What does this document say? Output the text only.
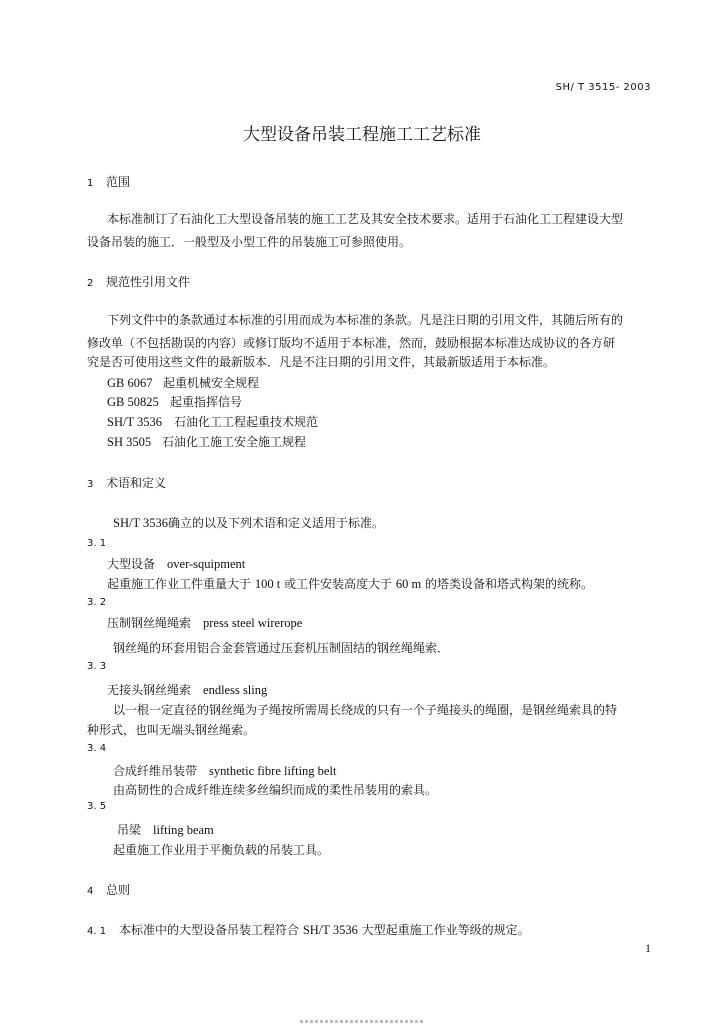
SH/ T 3515- 2003
大型设备吊装工程施工工艺标准
1 范围
本标准制订了石油化工大型设备吊装的施工工艺及其安全技术要求。适用于石油化工工程建设大型
设备吊装的施工．一般型及小型工件的吊装施工可参照使用。
2 规范性引用文件
下列文件中的条款通过本标准的引用而成为本标准的条款。凡是注日期的引用文件，其随后所有的
修改单（不包括勘误的内容）或修订版均不适用于本标准，然而，鼓励根据本标准达成协议的各方研
究是否可使用这些文件的最新版本．凡是不注日期的引用文件，其最新版适用于本标准。
GB 6067 起重机械安全规程
GB 50825 起重指挥信号
SH/T 3536 石油化工工程起重技术规范
SH 3505 石油化工施工安全施工规程
3 术语和定义
SH/T 3536确立的以及下列术语和定义适用于标准。
3. 1
大型设备 over-squipment
起重施工作业工件重量大于 100 t 或工件安装高度大于 60 m 的塔类设备和塔式构架的统称。
3. 2
压制钢丝绳绳索 press steel wirerope
钢丝绳的环套用铝合金套管通过压套机压制固结的钢丝绳绳索．
3. 3
无接头钢丝绳索 endless sling
以一根一定直径的钢丝绳为子绳按所需周长绕成的只有一个子绳接头的绳圈，是钢丝绳索具的特
种形式，也叫无端头钢丝绳索。
3. 4
合成纤维吊装带 synthetic fibre lifting belt
由高韧性的合成纤维连续多丝编织而成的柔性吊装用的索具。
3. 5
吊梁 lifting beam
起重施工作业用于平衡负载的吊装工具。
4 总则
4. 1 本标准中的大型设备吊装工程符合 SH/T 3536 大型起重施工作业等级的规定。
1
